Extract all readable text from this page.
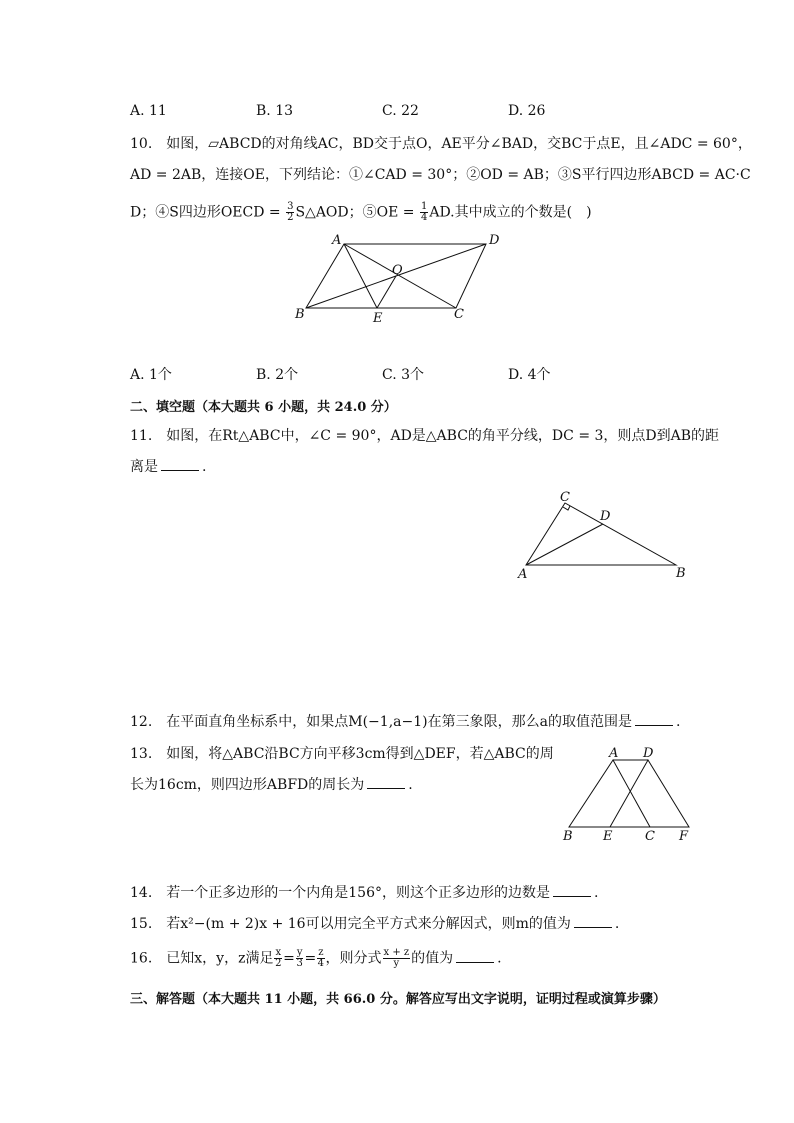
A. 11	B. 13	C. 22	D. 26
10. 如图，▱ABCD的对角线AC，BD交于点O，AE平分∠BAD，交BC于点E，且∠ADC = 60°，
AD = 2AB，连接OE，下列结论：①∠CAD = 30°；②OD = AB；③S平行四边形ABCD = AC·C
D；④S四边形OECD = $\frac{3}{2}$ S△AOD；⑤OE = $\frac{1}{4}$ AD.其中成立的个数是( )
A	D
O
B	E	C
A. 1个	B. 2个	C. 3个	D. 4个
二、填空题（本大题共 6 小题，共 24.0 分）
11. 如图，在Rt△ABC中，∠C = 90°，AD是△ABC的角平分线，DC = 3，则点D到AB的距
离是	.
C
D
A	B
12. 在平面直角坐标系中，如果点M(−1,a−1)在第三象限，那么a的取值范围是	.
13. 如图，将△ABC沿BC方向平移3cm得到△DEF，若△ABC的周
长为16cm，则四边形ABFD的周长为	.
A D
B E	C F
14. 若一个正多边形的一个内角是156°，则这个正多边形的边数是	.
15. 若x²−(m + 2)x + 16可以用完全平方式来分解因式，则m的值为	.
16. 已知x，y，z满足 $\frac{x}{2} = \frac{y}{3} = \frac{z}{4}$ ，则分式 $\frac{x + z}{y}$ 的值为	.
三、解答题（本大题共 11 小题，共 66.0 分。解答应写出文字说明，证明过程或演算步骤）
